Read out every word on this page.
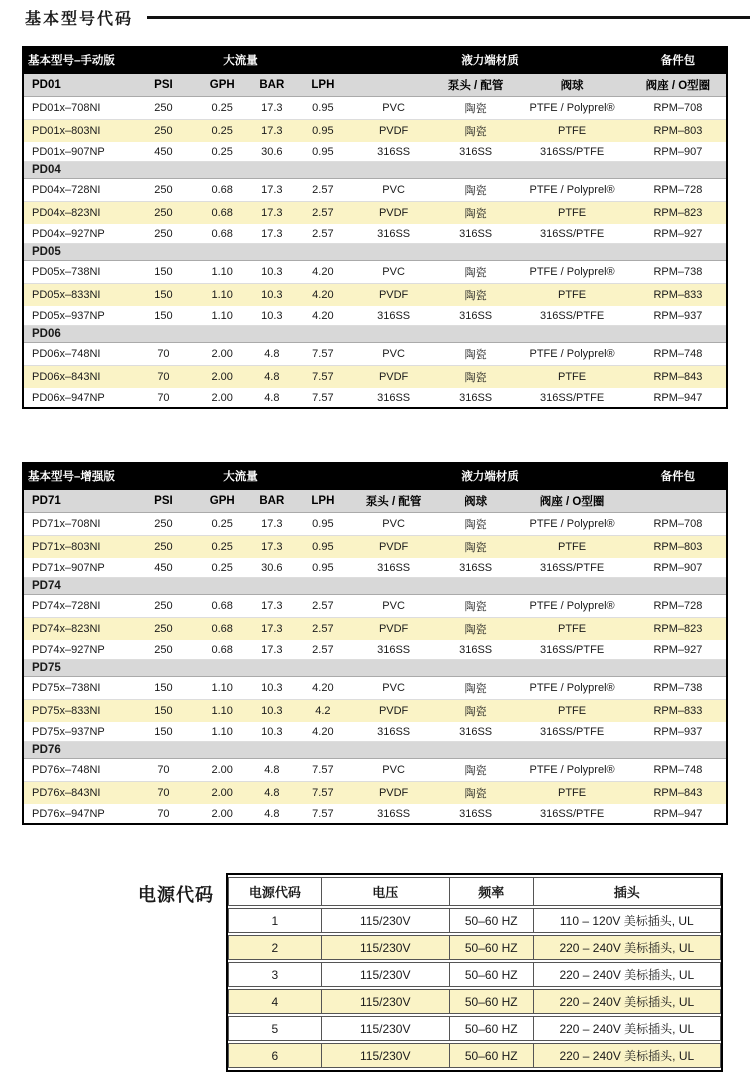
基本型号代码
基本型号–手动版	大流量				液力端材质			备件包
PD01	PSI	GPH	BAR	LPH		泵头 / 配管	阀球	阀座 / O型圈
PD01x–708NI	250	0.25	17.3	0.95	PVC	陶瓷	PTFE / Polyprel®	RPM–708
PD01x–803NI	250	0.25	17.3	0.95	PVDF	陶瓷	PTFE	RPM–803
PD01x–907NP	450	0.25	30.6	0.95	316SS	316SS	316SS/PTFE	RPM–907
PD04								
PD04x–728NI	250	0.68	17.3	2.57	PVC	陶瓷	PTFE / Polyprel®	RPM–728
PD04x–823NI	250	0.68	17.3	2.57	PVDF	陶瓷	PTFE	RPM–823
PD04x–927NP	250	0.68	17.3	2.57	316SS	316SS	316SS/PTFE	RPM–927
PD05								
PD05x–738NI	150	1.10	10.3	4.20	PVC	陶瓷	PTFE / Polyprel®	RPM–738
PD05x–833NI	150	1.10	10.3	4.20	PVDF	陶瓷	PTFE	RPM–833
PD05x–937NP	150	1.10	10.3	4.20	316SS	316SS	316SS/PTFE	RPM–937
PD06								
PD06x–748NI	70	2.00	4.8	7.57	PVC	陶瓷	PTFE / Polyprel®	RPM–748
PD06x–843NI	70	2.00	4.8	7.57	PVDF	陶瓷	PTFE	RPM–843
PD06x–947NP	70	2.00	4.8	7.57	316SS	316SS	316SS/PTFE	RPM–947
基本型号–增强版	大流量				液力端材质			备件包
PD71	PSI	GPH	BAR	LPH	泵头 / 配管	阀球	阀座 / O型圈	
PD71x–708NI	250	0.25	17.3	0.95	PVC	陶瓷	PTFE / Polyprel®	RPM–708
PD71x–803NI	250	0.25	17.3	0.95	PVDF	陶瓷	PTFE	RPM–803
PD71x–907NP	450	0.25	30.6	0.95	316SS	316SS	316SS/PTFE	RPM–907
PD74								
PD74x–728NI	250	0.68	17.3	2.57	PVC	陶瓷	PTFE / Polyprel®	RPM–728
PD74x–823NI	250	0.68	17.3	2.57	PVDF	陶瓷	PTFE	RPM–823
PD74x–927NP	250	0.68	17.3	2.57	316SS	316SS	316SS/PTFE	RPM–927
PD75								
PD75x–738NI	150	1.10	10.3	4.20	PVC	陶瓷	PTFE / Polyprel®	RPM–738
PD75x–833NI	150	1.10	10.3	4.2	PVDF	陶瓷	PTFE	RPM–833
PD75x–937NP	150	1.10	10.3	4.20	316SS	316SS	316SS/PTFE	RPM–937
PD76								
PD76x–748NI	70	2.00	4.8	7.57	PVC	陶瓷	PTFE / Polyprel®	RPM–748
PD76x–843NI	70	2.00	4.8	7.57	PVDF	陶瓷	PTFE	RPM–843
PD76x–947NP	70	2.00	4.8	7.57	316SS	316SS	316SS/PTFE	RPM–947
电源代码	电源代码	电压	频率	插头
1	115/230V	50–60 HZ	110 – 120V 美标插头, UL
2	115/230V	50–60 HZ	220 – 240V 美标插头, UL
3	115/230V	50–60 HZ	220 – 240V 美标插头, UL
4	115/230V	50–60 HZ	220 – 240V 美标插头, UL
5	115/230V	50–60 HZ	220 – 240V 美标插头, UL
6	115/230V	50–60 HZ	220 – 240V 美标插头, UL
